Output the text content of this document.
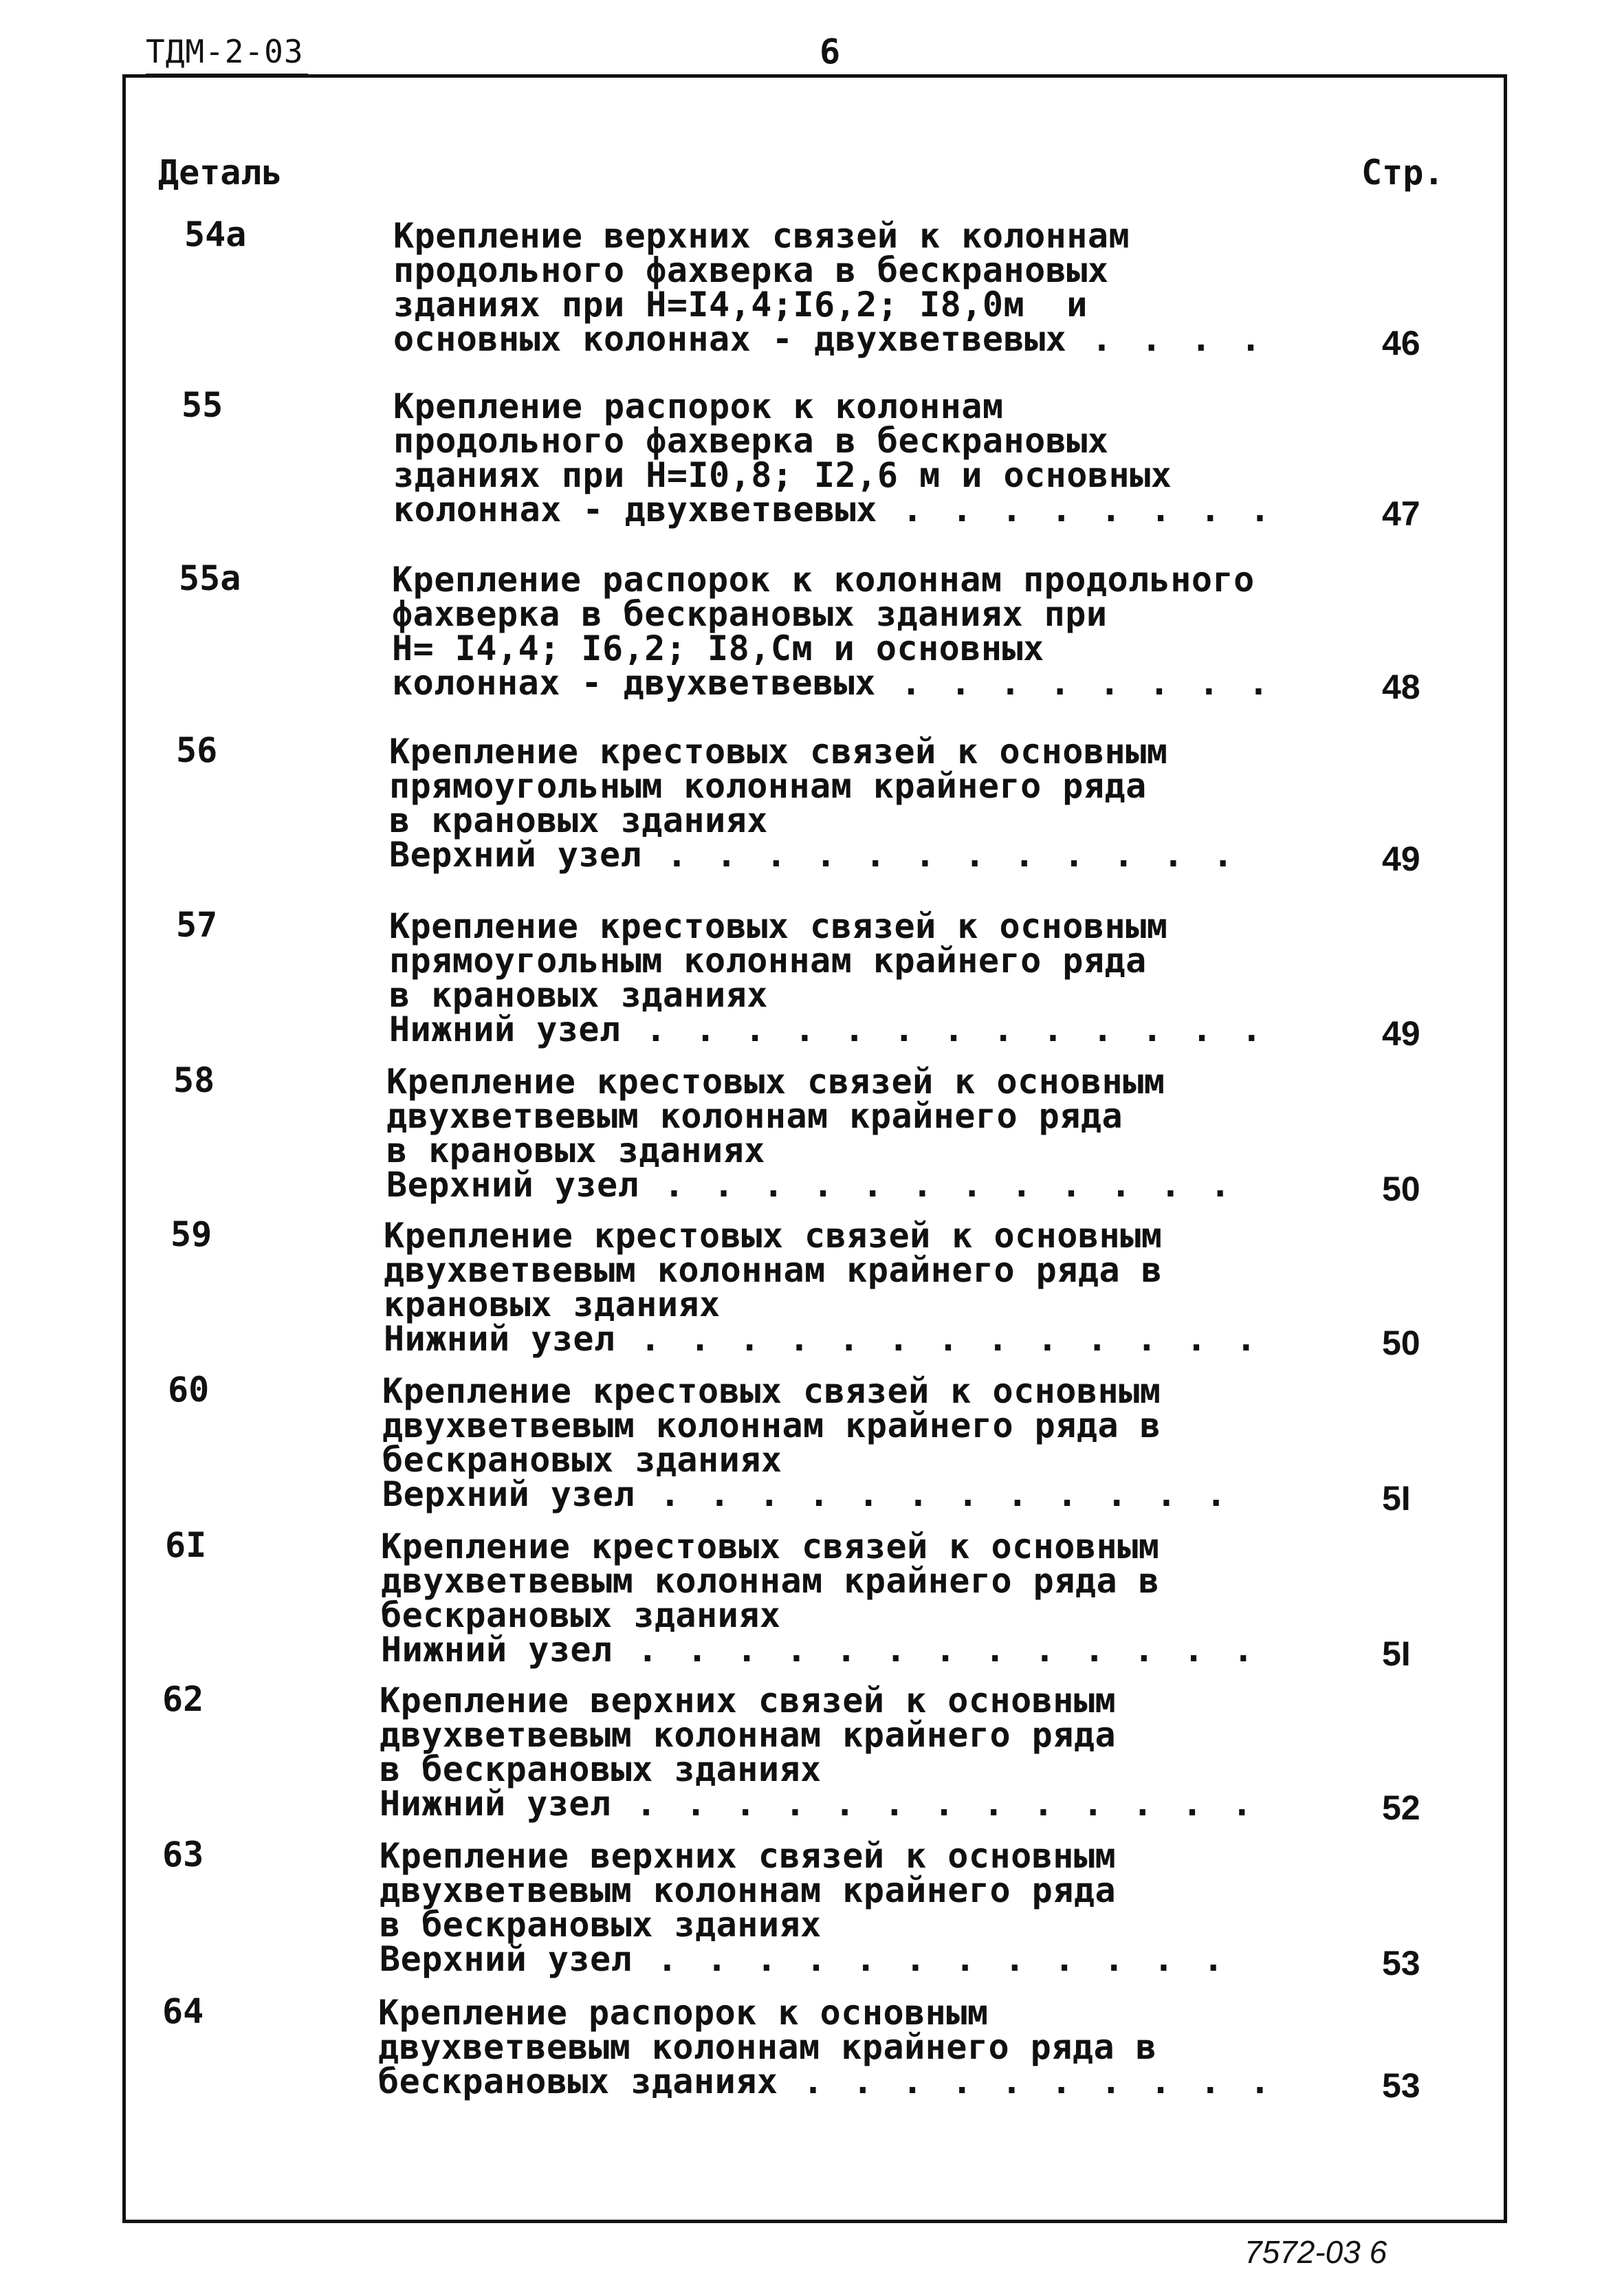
ТДМ-2-03	6
Деталь	Стр.
54a	Крепление верхних связей к колоннам
продольного фахверка в бескрановых
зданиях при Н=I4,4;I6,2; I8,0м  и
основных колоннах - двухветвевых . . . .	46
55	Крепление распорок к колоннам
продольного фахверка в бескрановых
зданиях при Н=I0,8; I2,6 м и основных
колоннах - двухветвевых . . . . . . . . 47
55a	Крепление распорок к колоннам продольного
фахверка в бескрановых зданиях при
Н= I4,4; I6,2; I8,Cм и основных
колоннах - двухветвевых . . . . . . . . 48
56	Крепление крестовых связей к основным
прямоугольным колоннам крайнего ряда
в крановых зданиях
Верхний узел . . . . . . . . . . . .	49
57	Крепление крестовых связей к основным
прямоугольным колоннам крайнего ряда
в крановых зданиях
Нижний узел . . . . . . . . . . . . .	49
58	Крепление крестовых связей к основным
двухветвевым колоннам крайнего ряда
в крановых зданиях
Верхний узел . . . . . . . . . . . .	50
59	Крепление крестовых связей к основным
двухветвевым колоннам крайнего ряда в
крановых зданиях
Нижний узел . . . . . . . . . . . . .	50
60	Крепление крестовых связей к основным
двухветвевым колоннам крайнего ряда в
бескрановых зданиях
Верхний узел . . . . . . . . . . . .	5I
6I	Крепление крестовых связей к основным
двухветвевым колоннам крайнего ряда в
бескрановых зданиях
Нижний узел . . . . . . . . . . . . .	5I
62	Крепление верхних связей к основным
двухветвевым колоннам крайнего ряда
в бескрановых зданиях
Нижний узел . . . . . . . . . . . . .	52
63	Крепление верхних связей к основным
двухветвевым колоннам крайнего ряда
в бескрановых зданиях
Верхний узел . . . . . . . . . . . .	53
64	Крепление распорок к основным
двухветвевым колоннам крайнего ряда в
бескрановых зданиях . . . . . . . . . . 53
7572-03 6
